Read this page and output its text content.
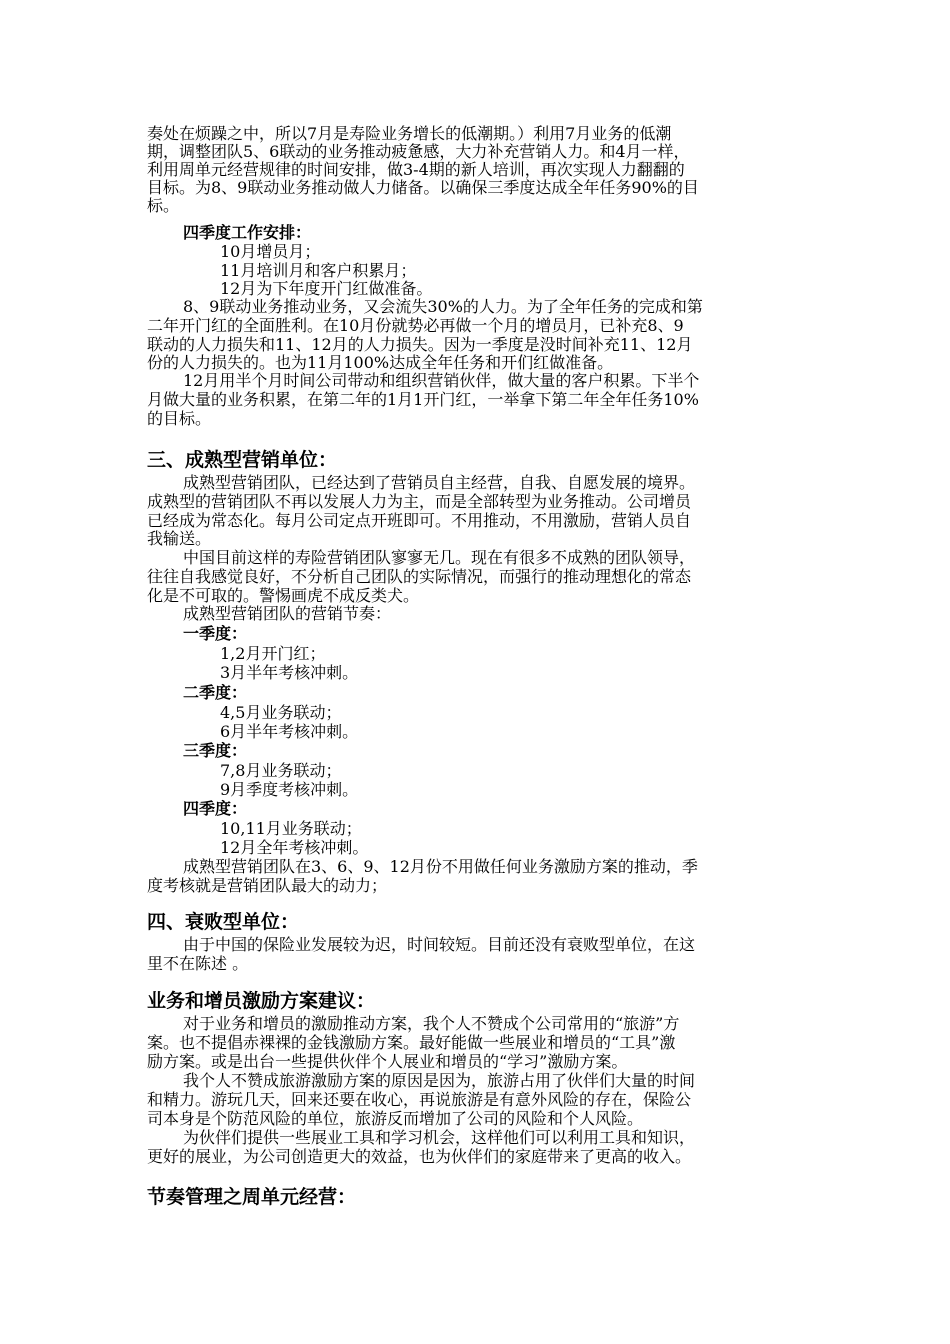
奏处在烦躁之中，所以7月是寿险业务增长的低潮期。）利用7月业务的低潮
期，调整团队5、6联动的业务推动疲惫感，大力补充营销人力。和4月一样，
利用周单元经营规律的时间安排，做3-4期的新人培训，再次实现人力翻翻的
目标。为8、9联动业务推动做人力储备。以确保三季度达成全年任务90%的目
标。
四季度工作安排：
10月增员月；
11月培训月和客户积累月；
12月为下年度开门红做准备。
8、9联动业务推动业务，又会流失30%的人力。为了全年任务的完成和第
二年开门红的全面胜利。在10月份就势必再做一个月的增员月，已补充8、9
联动的人力损失和11、12月的人力损失。因为一季度是没时间补充11、12月
份的人力损失的。也为11月100%达成全年任务和开们红做准备。
12月用半个月时间公司带动和组织营销伙伴，做大量的客户积累。下半个
月做大量的业务积累，在第二年的1月1开门红，一举拿下第二年全年任务10%
的目标。
三、成熟型营销单位：
成熟型营销团队，已经达到了营销员自主经营，自我、自愿发展的境界。
成熟型的营销团队不再以发展人力为主，而是全部转型为业务推动。公司增员
已经成为常态化。每月公司定点开班即可。不用推动，不用激励，营销人员自
我输送。
中国目前这样的寿险营销团队寥寥无几。现在有很多不成熟的团队领导，
往往自我感觉良好，不分析自己团队的实际情况，而强行的推动理想化的常态
化是不可取的。警惕画虎不成反类犬。
成熟型营销团队的营销节奏：
一季度：
1,2月开门红；
3月半年考核冲刺。
二季度：
4,5月业务联动；
6月半年考核冲刺。
三季度：
7,8月业务联动；
9月季度考核冲刺。
四季度：
10,11月业务联动；
12月全年考核冲刺。
成熟型营销团队在3、6、9、12月份不用做任何业务激励方案的推动，季
度考核就是营销团队最大的动力；
四、衰败型单位：
由于中国的保险业发展较为迟，时间较短。目前还没有衰败型单位，在这
里不在陈述 。
业务和增员激励方案建议：
对于业务和增员的激励推动方案，我个人不赞成个公司常用的“旅游”方
案。也不提倡赤裸裸的金钱激励方案。最好能做一些展业和增员的“工具”激
励方案。或是出台一些提供伙伴个人展业和增员的“学习”激励方案。
我个人不赞成旅游激励方案的原因是因为，旅游占用了伙伴们大量的时间
和精力。游玩几天，回来还要在收心，再说旅游是有意外风险的存在，保险公
司本身是个防范风险的单位，旅游反而增加了公司的风险和个人风险。
为伙伴们提供一些展业工具和学习机会，这样他们可以利用工具和知识，
更好的展业，为公司创造更大的效益，也为伙伴们的家庭带来了更高的收入。
节奏管理之周单元经营：
